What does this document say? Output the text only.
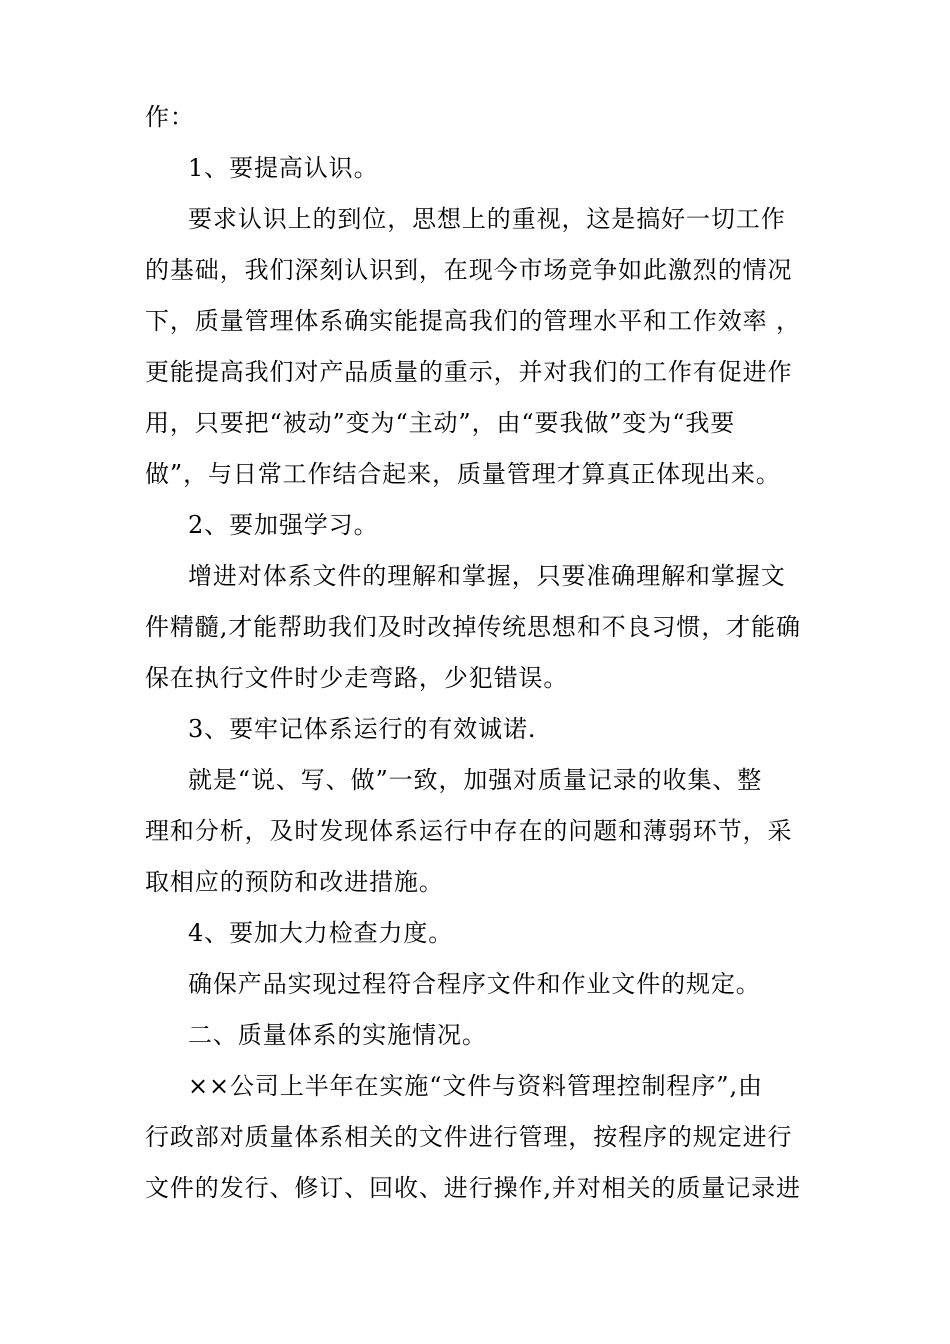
作：
1、要提高认识。
要求认识上的到位，思想上的重视，这是搞好一切工作
的基础，我们深刻认识到，在现今市场竞争如此激烈的情况
下，质量管理体系确实能提高我们的管理水平和工作效率 ，
更能提高我们对产品质量的重示，并对我们的工作有促进作
用，只要把“被动”变为“主动”，由“要我做”变为“我要
做”，与日常工作结合起来，质量管理才算真正体现出来。
2、要加强学习。
增进对体系文件的理解和掌握，只要准确理解和掌握文
件精髓,才能帮助我们及时改掉传统思想和不良习惯，才能确
保在执行文件时少走弯路，少犯错误。
3、要牢记体系运行的有效诚诺.
就是“说、写、做”一致，加强对质量记录的收集、整
理和分析，及时发现体系运行中存在的问题和薄弱环节，采
取相应的预防和改进措施。
4、要加大力检查力度。
确保产品实现过程符合程序文件和作业文件的规定。
二、质量体系的实施情况。
××公司上半年在实施“文件与资料管理控制程序”,由
行政部对质量体系相关的文件进行管理，按程序的规定进行
文件的发行、修订、回收、进行操作,并对相关的质量记录进
